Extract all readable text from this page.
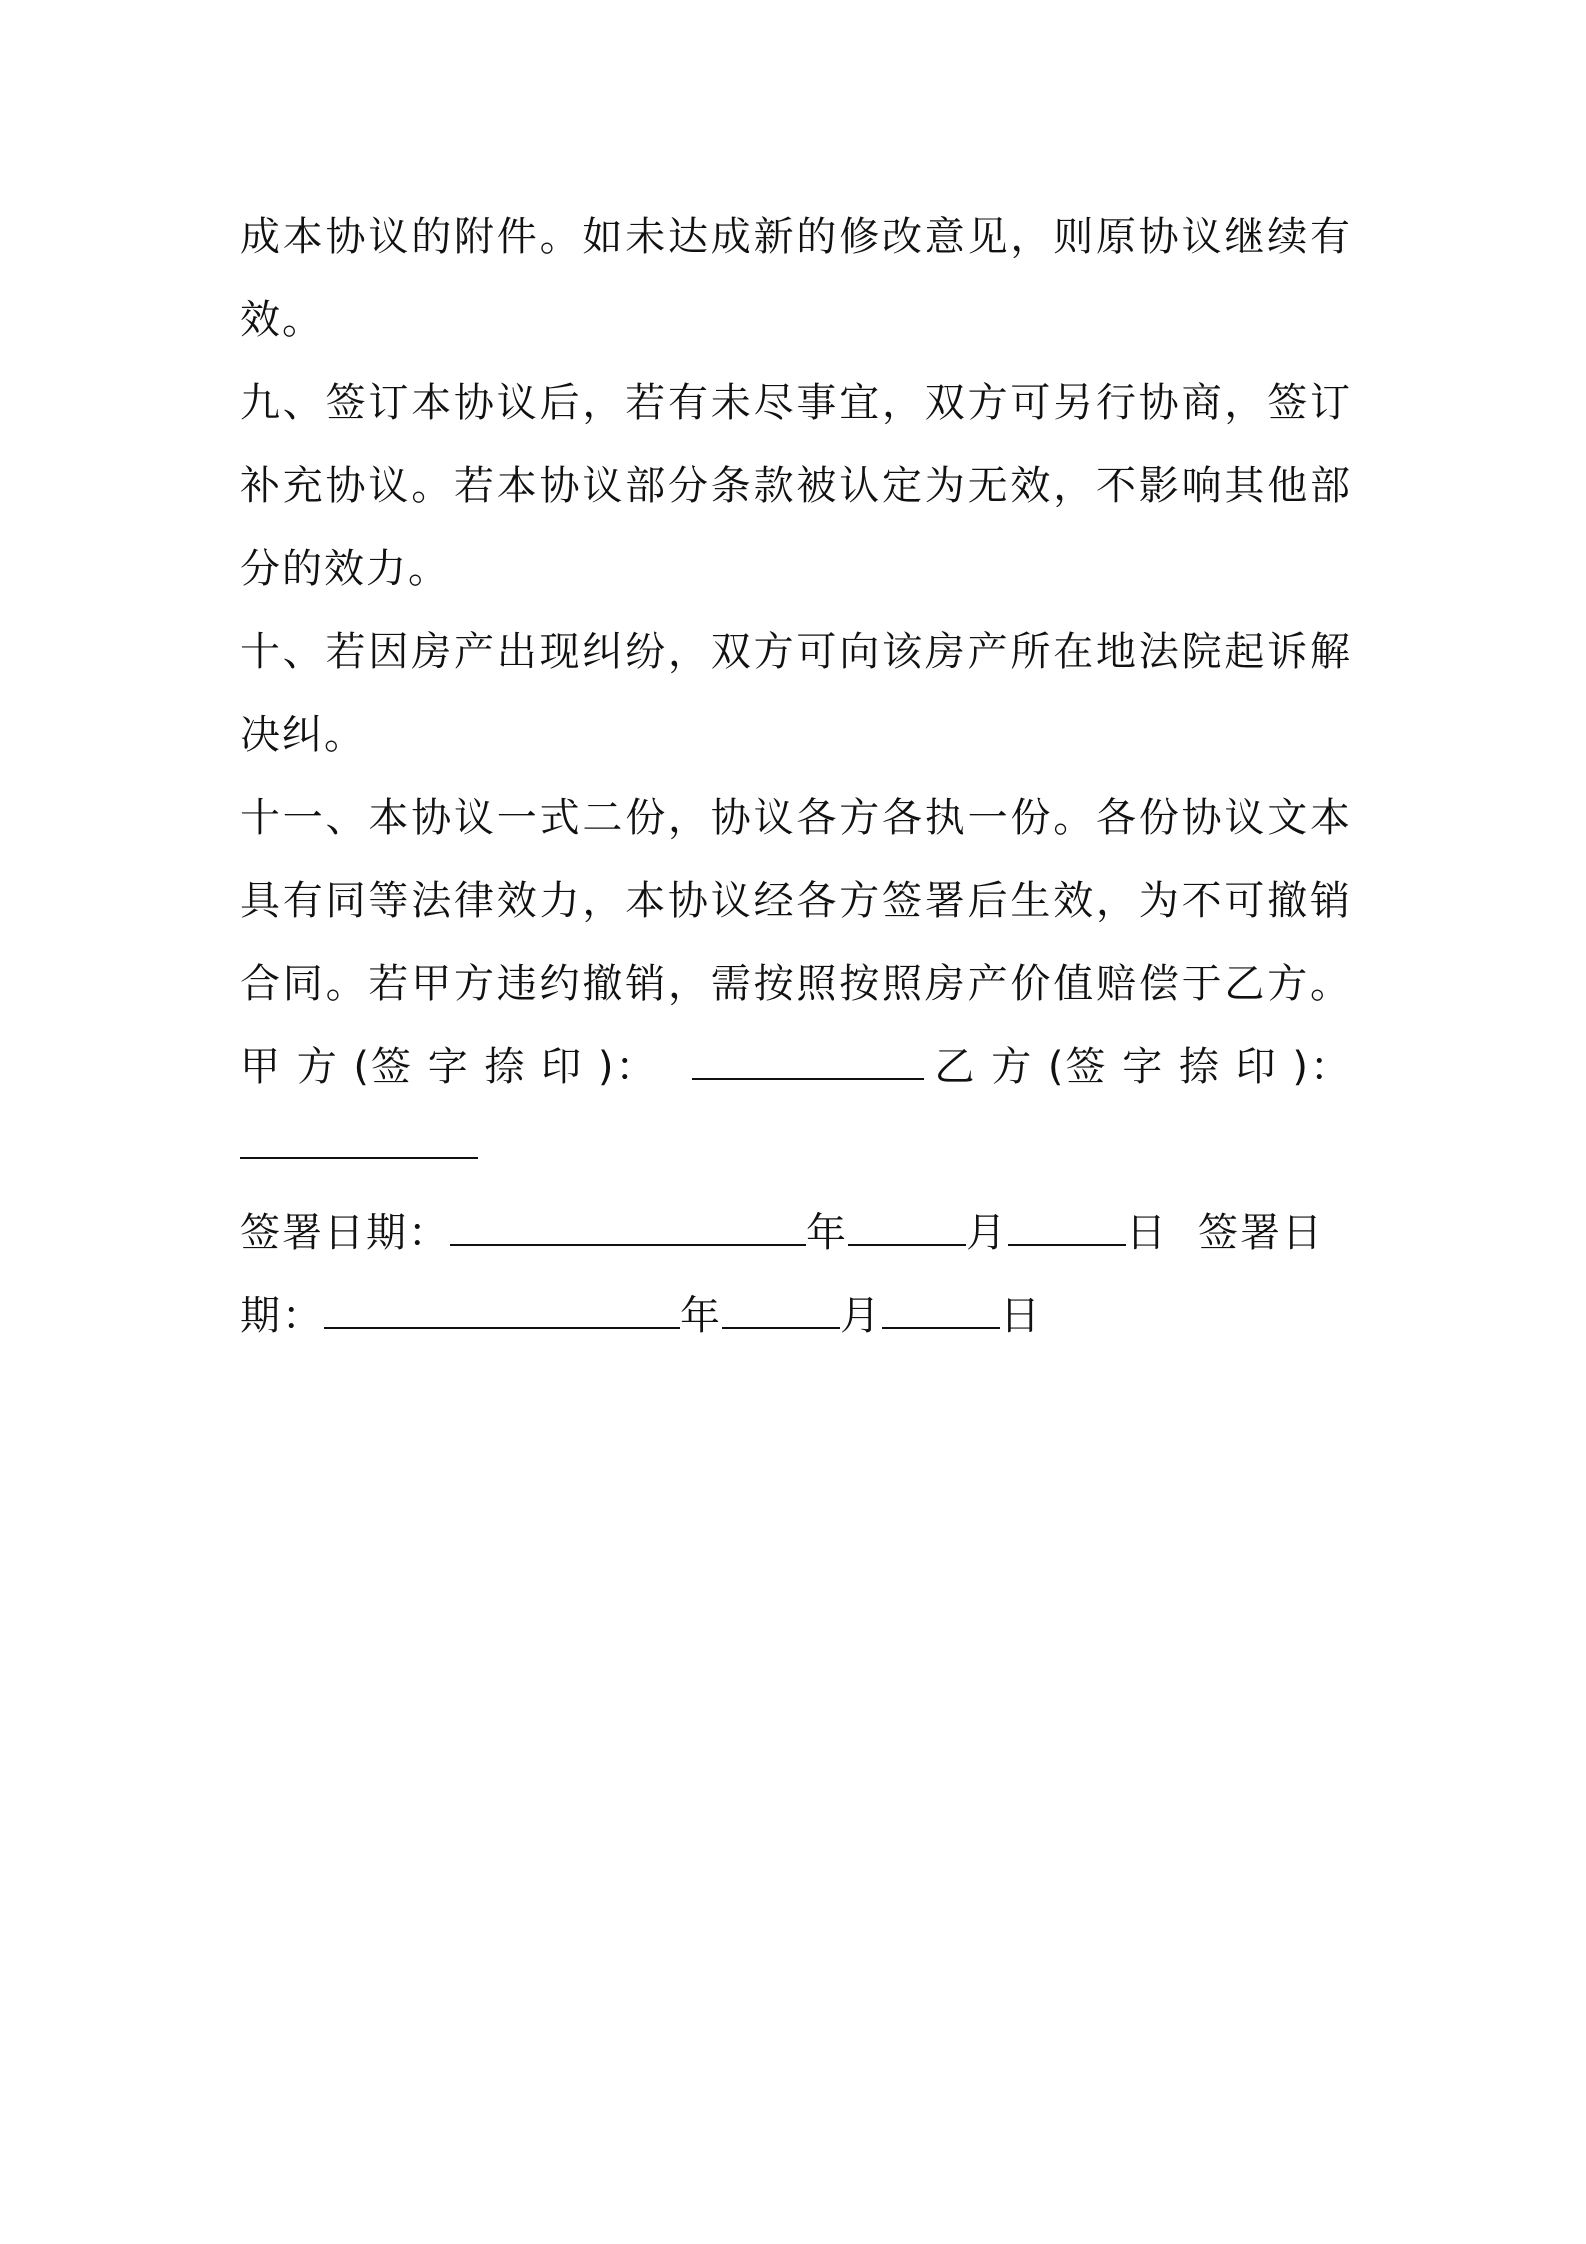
成本协议的附件。如未达成新的修改意见，则原协议继续有
效。
九、签订本协议后，若有未尽事宜，双方可另行协商，签订
补充协议。若本协议部分条款被认定为无效，不影响其他部
分的效力。
十、若因房产出现纠纷，双方可向该房产所在地法院起诉解
决纠。
十一、本协议一式二份，协议各方各执一份。各份协议文本
具有同等法律效力，本协议经各方签署后生效，为不可撤销
合同。若甲方违约撤销，需按照按照房产价值赔偿于乙方。
甲 方 (签 字 捺 印 )：	乙 方 (签 字 捺 印 )：
签署日期：	年	月	日 签署日
期：	年	月	日
